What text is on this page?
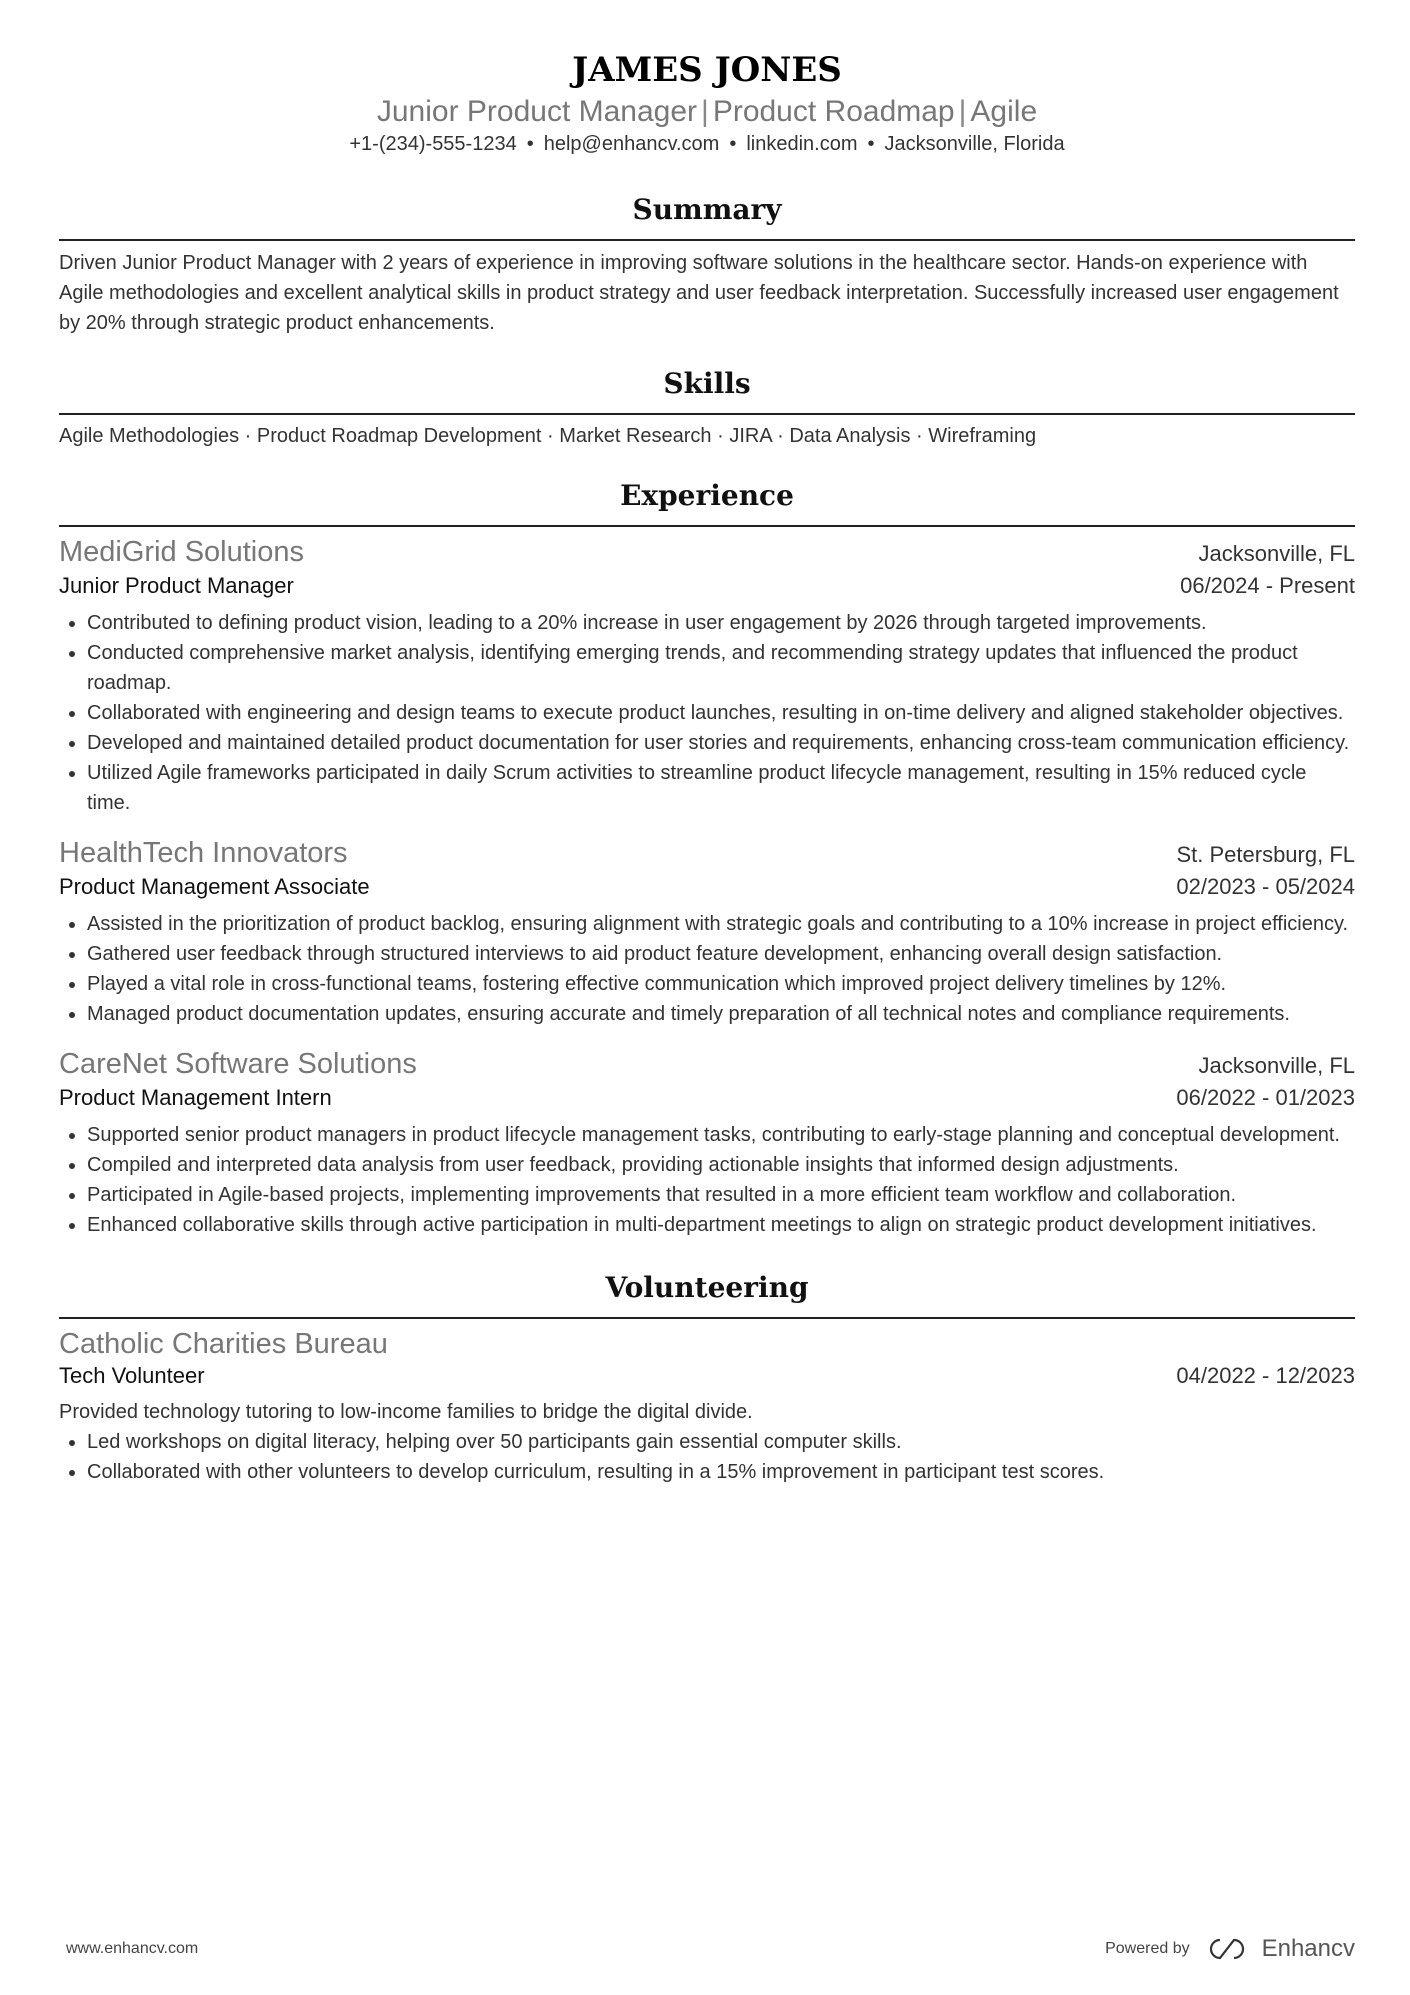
JAMES JONES
Junior Product Manager | Product Roadmap | Agile
+1-(234)-555-1234 • help@enhancv.com • linkedin.com • Jacksonville, Florida
Summary
Driven Junior Product Manager with 2 years of experience in improving software solutions in the healthcare sector. Hands-on experience with Agile methodologies and excellent analytical skills in product strategy and user feedback interpretation. Successfully increased user engagement by 20% through strategic product enhancements.
Skills
Agile Methodologies · Product Roadmap Development · Market Research · JIRA · Data Analysis · Wireframing
Experience
MediGrid Solutions	Jacksonville, FL
Junior Product Manager	06/2024 - Present
• Contributed to defining product vision, leading to a 20% increase in user engagement by 2026 through targeted improvements.
• Conducted comprehensive market analysis, identifying emerging trends, and recommending strategy updates that influenced the product roadmap.
• Collaborated with engineering and design teams to execute product launches, resulting in on-time delivery and aligned stakeholder objectives.
• Developed and maintained detailed product documentation for user stories and requirements, enhancing cross-team communication efficiency.
• Utilized Agile frameworks participated in daily Scrum activities to streamline product lifecycle management, resulting in 15% reduced cycle time.
HealthTech Innovators	St. Petersburg, FL
Product Management Associate	02/2023 - 05/2024
• Assisted in the prioritization of product backlog, ensuring alignment with strategic goals and contributing to a 10% increase in project efficiency.
• Gathered user feedback through structured interviews to aid product feature development, enhancing overall design satisfaction.
• Played a vital role in cross-functional teams, fostering effective communication which improved project delivery timelines by 12%.
• Managed product documentation updates, ensuring accurate and timely preparation of all technical notes and compliance requirements.
CareNet Software Solutions	Jacksonville, FL
Product Management Intern	06/2022 - 01/2023
• Supported senior product managers in product lifecycle management tasks, contributing to early-stage planning and conceptual development.
• Compiled and interpreted data analysis from user feedback, providing actionable insights that informed design adjustments.
• Participated in Agile-based projects, implementing improvements that resulted in a more efficient team workflow and collaboration.
• Enhanced collaborative skills through active participation in multi-department meetings to align on strategic product development initiatives.
Volunteering
Catholic Charities Bureau
Tech Volunteer	04/2022 - 12/2023
Provided technology tutoring to low-income families to bridge the digital divide.
• Led workshops on digital literacy, helping over 50 participants gain essential computer skills.
• Collaborated with other volunteers to develop curriculum, resulting in a 15% improvement in participant test scores.
www.enhancv.com	Powered by	Enhancv
